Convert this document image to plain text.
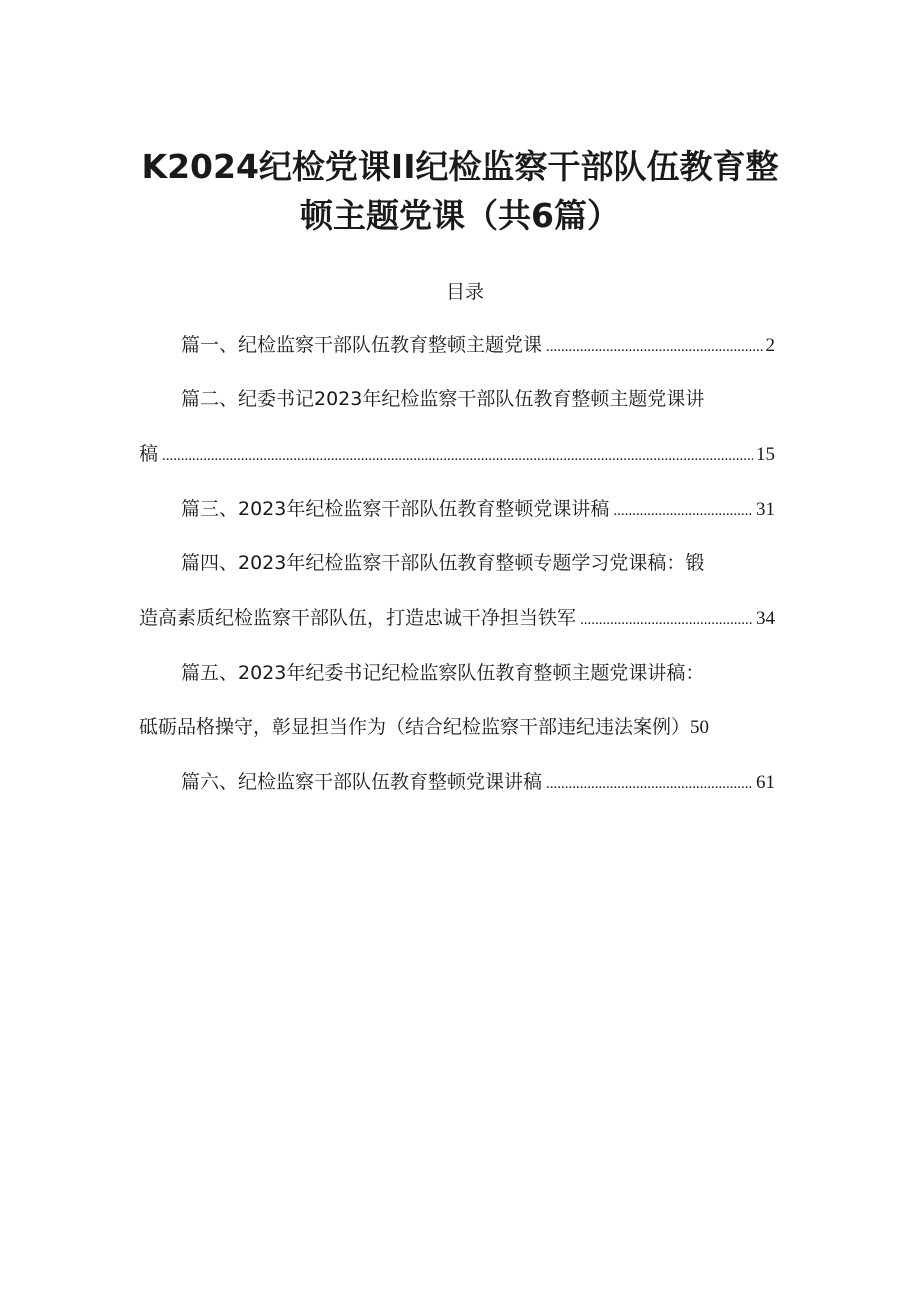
K2024纪检党课II纪检监察干部队伍教育整
顿主题党课（共6篇）
目录
篇一、纪检监察干部队伍教育整顿主题党课 .....	2
篇二、纪委书记2023年纪检监察干部队伍教育整顿主题党课讲
稿 .....	15
篇三、2023年纪检监察干部队伍教育整顿党课讲稿 .....	31
篇四、2023年纪检监察干部队伍教育整顿专题学习党课稿：锻
造高素质纪检监察干部队伍，打造忠诚干净担当铁军 .....	34
篇五、2023年纪委书记纪检监察队伍教育整顿主题党课讲稿：
砥砺品格操守，彰显担当作为（结合纪检监察干部违纪违法案例） 50
篇六、纪检监察干部队伍教育整顿党课讲稿 .....	61
